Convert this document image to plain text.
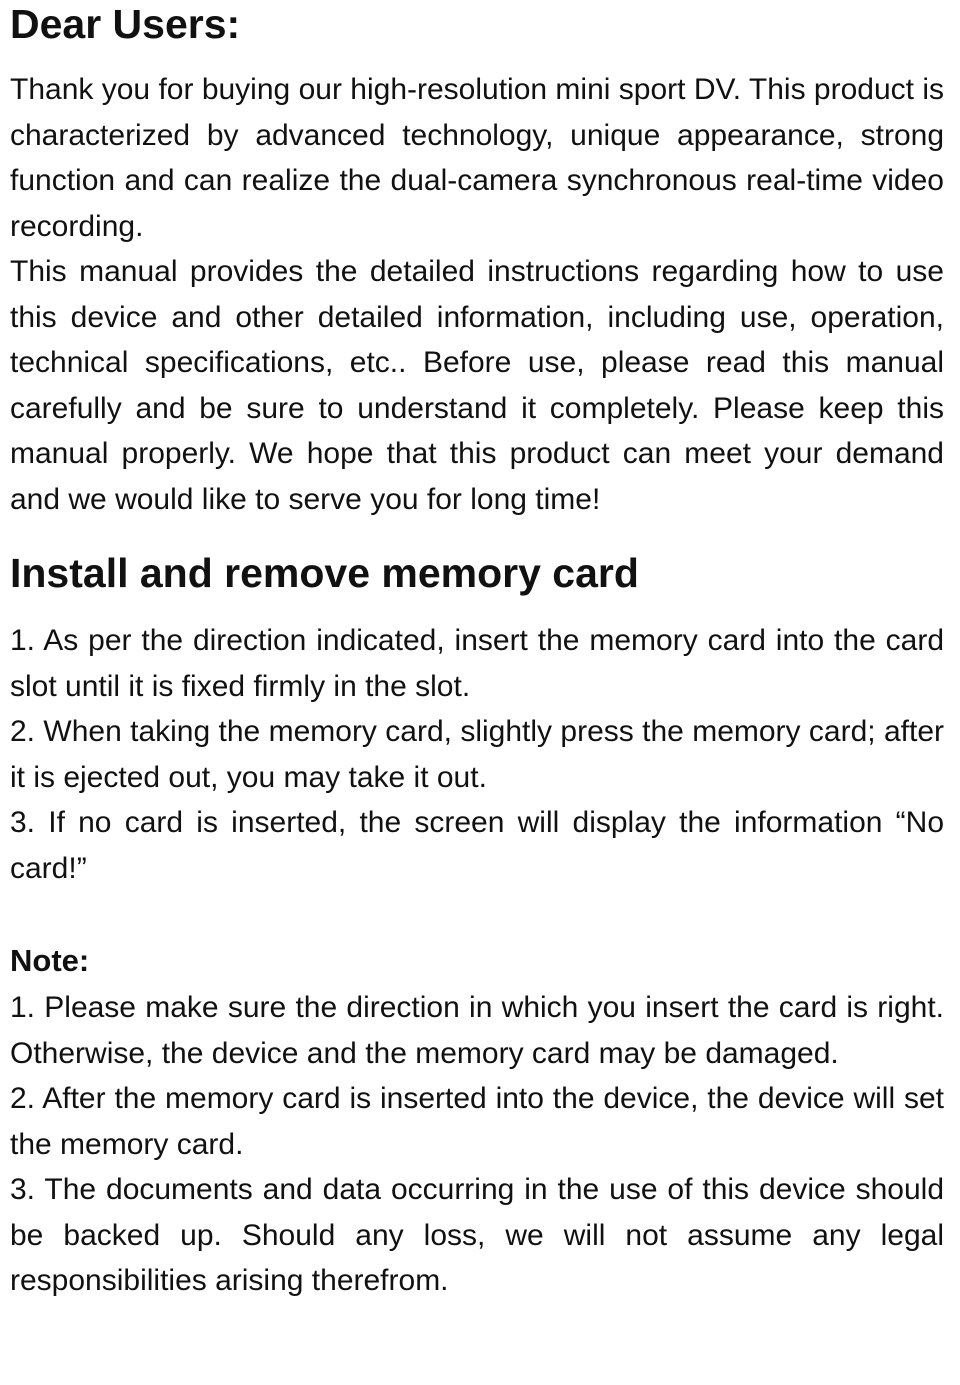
Dear Users:

Thank you for buying our high-resolution mini sport DV. This product is characterized by advanced technology, unique appearance, strong function and can realize the dual-camera synchronous real-time video recording.

This manual provides the detailed instructions regarding how to use this device and other detailed information, including use, operation, technical specifications, etc.. Before use, please read this manual carefully and be sure to understand it completely. Please keep this manual properly. We hope that this product can meet your demand and we would like to serve you for long time!

Install and remove memory card

1. As per the direction indicated, insert the memory card into the card slot until it is fixed firmly in the slot.

2. When taking the memory card, slightly press the memory card; after it is ejected out, you may take it out.

3. If no card is inserted, the screen will display the information “No card!”

Note:

1. Please make sure the direction in which you insert the card is right. Otherwise, the device and the memory card may be damaged.

2. After the memory card is inserted into the device, the device will set the memory card.

3. The documents and data occurring in the use of this device should be backed up. Should any loss, we will not assume any legal responsibilities arising therefrom.
